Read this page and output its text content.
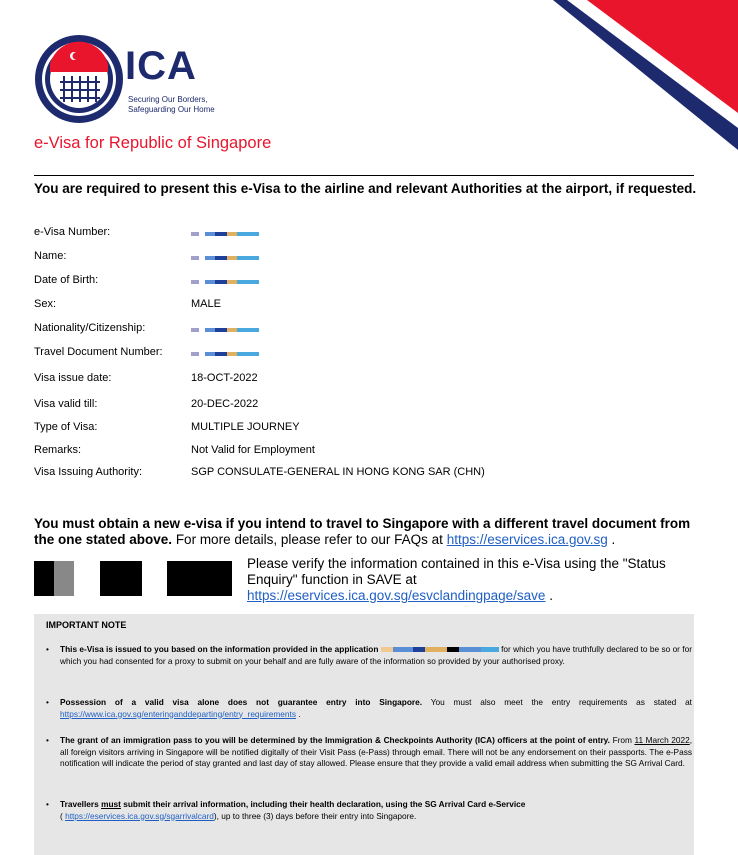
ICA
Securing Our Borders, Safeguarding Our Home
e-Visa for Republic of Singapore
You are required to present this e-Visa to the airline and relevant Authorities at the airport, if requested.
e-Visa Number:
Name:
Date of Birth:
Sex:	MALE
Nationality/Citizenship:
Travel Document Number:
Visa issue date:	18-OCT-2022
Visa valid till:	20-DEC-2022
Type of Visa:	MULTIPLE JOURNEY
Remarks:	Not Valid for Employment
Visa Issuing Authority:	SGP CONSULATE-GENERAL IN HONG KONG SAR (CHN)
You must obtain a new e-visa if you intend to travel to Singapore with a different travel document from the one stated above. For more details, please refer to our FAQs at https://eservices.ica.gov.sg .
Please verify the information contained in this e-Visa using the "Status Enquiry" function in SAVE at
https://eservices.ica.gov.sg/esvclandingpage/save .
IMPORTANT NOTE
• This e-Visa is issued to you based on the information provided in the application	for which you have truthfully declared to be so or for which you had consented for a proxy to submit on your behalf and are fully aware of the information so provided by your authorised proxy.
• Possession of a valid visa alone does not guarantee entry into Singapore. You must also meet the entry requirements as stated at https://www.ica.gov.sg/enteringanddeparting/entry_requirements .
• The grant of an immigration pass to you will be determined by the Immigration & Checkpoints Authority (ICA) officers at the point of entry. From 11 March 2022, all foreign visitors arriving in Singapore will be notified digitally of their Visit Pass (e-Pass) through email. There will not be any endorsement on their passports. The e-Pass notification will indicate the period of stay granted and last day of stay allowed. Please ensure that they provide a valid email address when submitting the SG Arrival Card.
• Travellers must submit their arrival information, including their health declaration, using the SG Arrival Card e-Service
( https://eservices.ica.gov.sg/sgarrivalcard), up to three (3) days before their entry into Singapore.
